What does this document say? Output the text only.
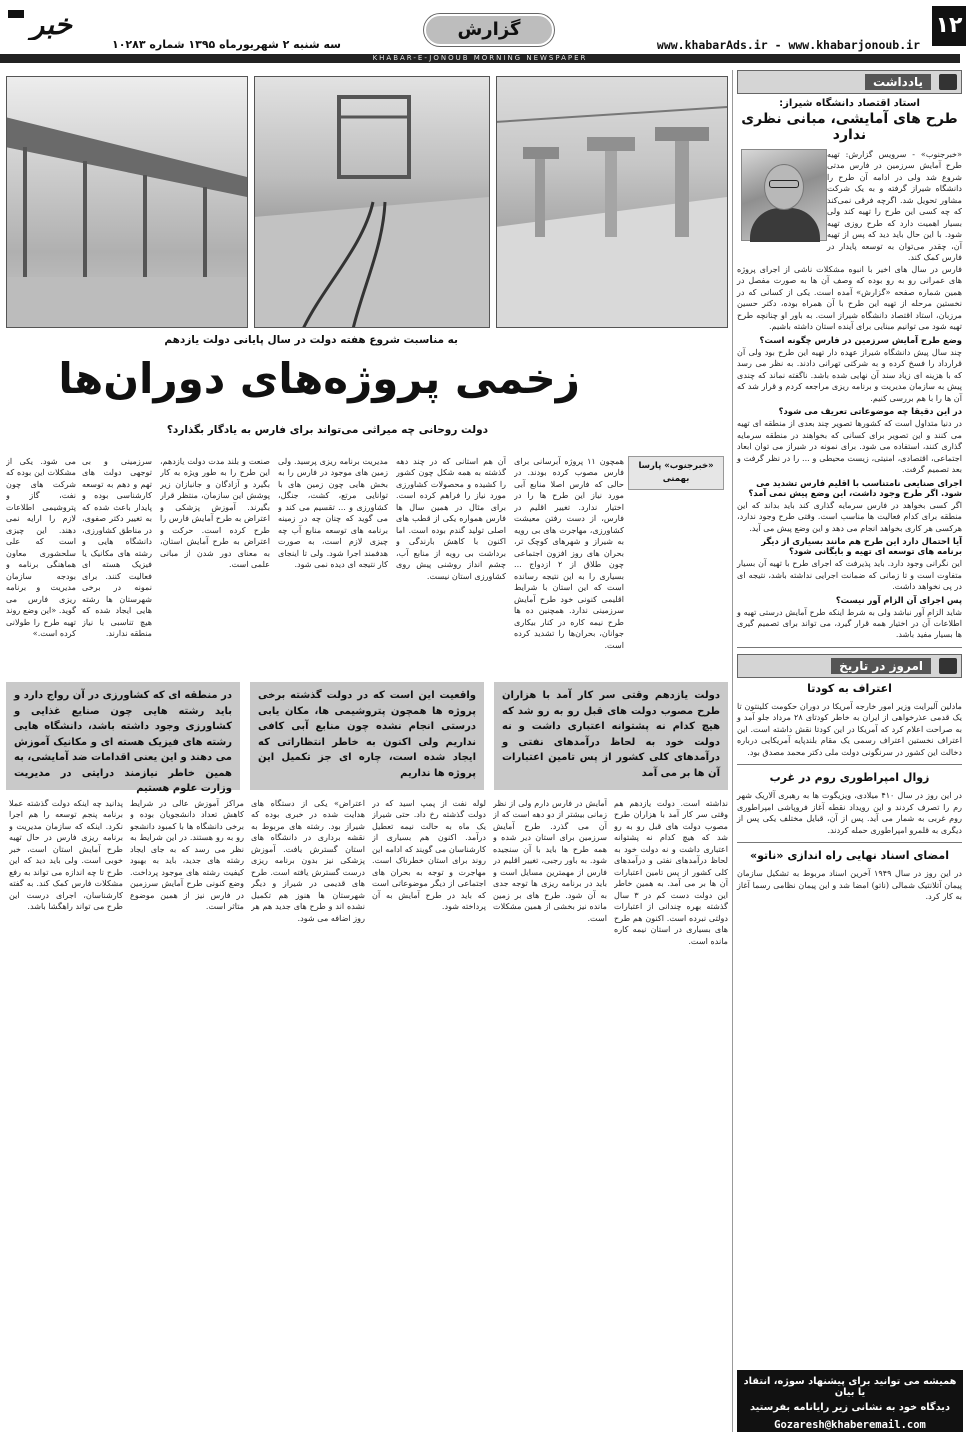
۱۲
www.khabarAds.ir - www.khabarjonoub.ir
گزارش
خبر
سه شنبه ۲ شهریورماه ۱۳۹۵ شماره ۱۰۲۸۳
KHABAR-E-JONOUB MORNING NEWSPAPER
یادداشت
استاد اقتصاد دانشگاه شیراز:
طرح های آمایشی، مبانی نظری ندارد

«خبرجنوب» - سرویس گزارش: تهیه طرح آمایش سرزمین در فارس مدتی شروع شد ولی در ادامه آن طرح را دانشگاه شیراز گرفته و به یک شرکت مشاور تحویل شد. اگرچه فرقی نمی‌کند که چه کسی این طرح را تهیه کند ولی بسیار اهمیت دارد که طرح روزی تهیه شود. با این حال باید دید که پس از تهیه آن، چقدر می‌توان به توسعه پایدار در فارس کمک کند.

فارس در سال های اخیر با انبوه مشکلات ناشی از اجرای پروژه های عمرانی رو به رو بوده که وصف آن ها به صورت مفصل در همین شماره صفحه «گزارش» آمده است. یکی از کسانی که در نخستین مرحله از تهیه این طرح با آن همراه بوده، دکتر حسین مرزبان، استاد اقتصاد دانشگاه شیراز است. به باور او چنانچه طرح تهیه شود می توانیم مبنایی برای آینده استان داشته باشیم.

وضع طرح آمایش سرزمین در فارس چگونه است؟

چند سال پیش دانشگاه شیراز عهده دار تهیه این طرح بود ولی آن قرارداد را فسخ کرده و به شرکتی تهرانی دادند. به نظر می رسد که با هزینه ای زیاد سند آن نهایی شده باشد. ناگفته نماند که چندی پیش به سازمان مدیریت و برنامه ریزی مراجعه کردم و قرار شد که آن ها را با هم بررسی کنیم.

در این دقیقا چه موضوعاتی تعریف می شود؟

در دنیا متداول است که کشورها تصویر چند بعدی از منطقه ای تهیه می کنند و این تصویر برای کسانی که بخواهند در منطقه سرمایه گذاری کنند، استفاده می شود. برای نمونه در شیراز می توان ابعاد اجتماعی، اقتصادی، امنیتی، زیست محیطی و ... را در نظر گرفت و بعد تصمیم گرفت.

اجرای صنایعی نامتناسب با اقلیم فارس تشدید می شود. اگر طرح وجود داشت، این وضع پیش نمی آمد؟

اگر کسی بخواهد در فارس سرمایه گذاری کند باید بداند که این منطقه برای کدام فعالیت ها مناسب است. وقتی طرح وجود ندارد، هرکسی هر کاری بخواهد انجام می دهد و این وضع پیش می آید.

آیا احتمال دارد این طرح هم مانند بسیاری از دیگر برنامه های توسعه ای تهیه و بایگانی شود؟

این نگرانی وجود دارد. باید پذیرفت که اجرای طرح با تهیه آن بسیار متفاوت است و تا زمانی که ضمانت اجرایی نداشته باشد، نتیجه ای در پی نخواهد داشت.

پس اجرای آن الزام آور نیست؟

شاید الزام آور نباشد ولی به شرط اینکه طرح آمایش درستی تهیه و اطلاعات آن در اختیار همه قرار گیرد، می تواند برای تصمیم گیری ها بسیار مفید باشد.

امروز در تاریخ
اعتراف به کودتا

مادلین آلبرایت وزیر امور خارجه آمریکا در دوران حکومت کلینتون تا یک قدمی عذرخواهی از ایران به خاطر کودتای ۲۸ مرداد جلو آمد و به صراحت اعلام کرد که آمریکا در این کودتا نقش داشته است. این اعتراف نخستین اعتراف رسمی یک مقام بلندپایه آمریکایی درباره دخالت این کشور در سرنگونی دولت ملی دکتر محمد مصدق بود.

زوال امپراطوری روم در غرب

در این روز در سال ۴۱۰ میلادی، ویزیگوت ها به رهبری آلاریک شهر رم را تصرف کردند و این رویداد نقطه آغاز فروپاشی امپراطوری روم غربی به شمار می آید. پس از آن، قبایل مختلف یکی پس از دیگری به قلمرو امپراطوری حمله کردند.

امضای اسناد نهایی راه اندازی «ناتو»

در این روز در سال ۱۹۴۹ آخرین اسناد مربوط به تشکیل سازمان پیمان آتلانتیک شمالی (ناتو) امضا شد و این پیمان نظامی رسما آغاز به کار کرد.

همیشه می توانید برای پیشنهاد سوژه، انتقاد یا بیان
دیدگاه خود به نشانی زیر رایانامه بفرستید
Gozaresh@khaberemail.com
به مناسبت شروع هفته دولت در سال پایانی دولت یازدهم
زخمی پروژه‌های دوران‌ها
دولت روحانی چه میراثی می‌تواند برای فارس به یادگار بگذارد؟
«خبرجنوب» پارسا بهمنی
همچون ۱۱ پروژه آبرسانی برای فارس مصوب کرده بودند. در حالی که فارس اصلا منابع آبی مورد نیاز این طرح ها را در اختیار ندارد. تغییر اقلیم در فارس، از دست رفتن معیشت کشاورزی، مهاجرت های بی رویه به شیراز و شهرهای کوچک تر، بحران های روز افزون اجتماعی چون طلاق از ۲ ازدواج ... بسیاری را به این نتیجه رسانده است که این استان با شرایط اقلیمی کنونی خود طرح آمایش سرزمینی ندارد. همچنین ده ها طرح نیمه کاره در کنار بیکاری جوانان، بحران‌ها را تشدید کرده است.
آن هم استانی که در چند دهه گذشته به همه شکل چون کشور را کشیده و محصولات کشاورزی مورد نیاز را فراهم کرده است. برای مثال در همین سال ها فارس همواره یکی از قطب های اصلی تولید گندم بوده است. اما اکنون با کاهش بارندگی و برداشت بی رویه از منابع آب، چشم انداز روشنی پیش روی کشاورزی استان نیست.
مدیریت برنامه ریزی پرسید. ولی زمین های موجود در فارس را به بخش هایی چون زمین های با توانایی مرتع، کشت، جنگل، کشاورزی و ... تقسیم می کند و می گوید که چنان چه در زمینه برنامه های توسعه منابع آب چه چیزی لازم است، به صورت هدفمند اجرا شود. ولی تا اینجای کار نتیجه ای دیده نمی شود.
صنعت و بلند مدت دولت یازدهم، این طرح را به طور ویژه به کار بگیرد و آزادگان و جانبازان زیر پوشش این سازمان، منتظر قرار بگیرند. آموزش پزشکی و اعتراض به طرح آمایش فارس را طرح کرده است. حرکت و اعتراض به طرح آمایش استان، به معنای دور شدن از مبانی علمی است.
سرزمینی و بی توجهی دولت های تهم و دهم به توسعه کارشناسی بوده و پایدار باعث شده که به تغییر دکتر صفوی، در مناطق کشاورزی، دانشگاه هایی و رشته های مکانیک یا فیزیک هسته ای فعالیت کنند. برای نمونه در برخی شهرستان ها رشته هایی ایجاد شده که هیچ تناسبی با نیاز منطقه ندارند.
می شود. یکی از مشکلات این بوده که شرکت های چون نفت، گاز و پتروشیمی اطلاعات لازم را ارایه نمی دهند. این چیزی است که علی سلحشوری معاون هماهنگی برنامه و بودجه سازمان مدیریت و برنامه ریزی فارس می گوید. «این وضع روند تهیه طرح را طولانی کرده است.»
دولت یازدهم وقتی سر کار آمد با هزاران طرح مصوب دولت های قبل رو به رو شد که هیچ کدام نه پشتوانه اعتباری داشت و نه دولت خود به لحاظ درآمدهای نفتی و درآمدهای کلی کشور از پس تامین اعتبارات آن ها بر می آمد
واقعیت این است که در دولت گذشته برخی پروژه ها همچون پتروشیمی ها، مکان یابی درستی انجام نشده چون منابع آبی کافی نداریم ولی اکنون به خاطر انتظاراتی که ایجاد شده است، چاره ای جز تکمیل این پروژه ها نداریم
در منطقه ای که کشاورزی در آن رواج دارد و باید رشته هایی چون صنایع غذایی و کشاورزی وجود داشته باشد، دانشگاه هایی رشته های فیزیک هسته ای و مکانیک آموزش می دهند و این یعنی اقدامات ضد آمایشی، به همین خاطر نیازمند درایتی در مدیریت وزارت علوم هستیم
نداشته است. دولت یازدهم هم وقتی سر کار آمد با هزاران طرح مصوب دولت های قبل رو به رو شد که هیچ کدام نه پشتوانه اعتباری داشت و نه دولت خود به لحاظ درآمدهای نفتی و درآمدهای کلی کشور از پس تامین اعتبارات آن ها بر می آمد. به همین خاطر این دولت دست کم در ۳ سال گذشته بهره چندانی از اعتبارات دولتی نبرده است. اکنون هم طرح های بسیاری در استان نیمه کاره مانده است.
آمایش در فارس دارم ولی از نظر زمانی بیشتر از دو دهه است که از آن می گذرد. طرح آمایش سرزمین برای استان دیر شده و همه طرح ها باید با آن سنجیده شود. به باور رجبی، تغییر اقلیم در فارس از مهمترین مسایل است و باید در برنامه ریزی ها توجه جدی به آن شود. طرح های بر زمین مانده نیز بخشی از همین مشکلات است.
لوله نفت از پمپ اسید که در دولت گذشته رخ داد. حتی شیراز یک ماه به حالت نیمه تعطیل درآمد. اکنون هم بسیاری از کارشناسان می گویند که ادامه این روند برای استان خطرناک است. مهاجرت و توجه به بحران های اجتماعی از دیگر موضوعاتی است که باید در طرح آمایش به آن پرداخته شود.
اعتراض» یکی از دستگاه های هدایت شده در خبری بوده که شیراز بود. رشته های مربوط به نقشه برداری در دانشگاه های استان گسترش یافت. آموزش پزشکی نیز بدون برنامه ریزی درست گسترش یافته است. طرح های قدیمی در شیراز و دیگر شهرستان ها هنوز هم تکمیل نشده اند و طرح های جدید هم هر روز اضافه می شود.
مراکز آموزش عالی در شرایط کاهش تعداد دانشجویان بوده و برخی دانشگاه ها با کمبود دانشجو رو به رو هستند. در این شرایط به نظر می رسد که به جای ایجاد رشته های جدید، باید به بهبود کیفیت رشته های موجود پرداخت. وضع کنونی طرح آمایش سرزمین در فارس نیز از همین موضوع متاثر است.
پدانید چه اینکه دولت گذشته عملا برنامه پنجم توسعه را هم اجرا نکرد. اینکه که سازمان مدیریت و برنامه ریزی فارس در حال تهیه طرح آمایش استان است، خبر خوبی است. ولی باید دید که این طرح تا چه اندازه می تواند به رفع مشکلات فارس کمک کند. به گفته کارشناسان، اجرای درست این طرح می تواند راهگشا باشد.
